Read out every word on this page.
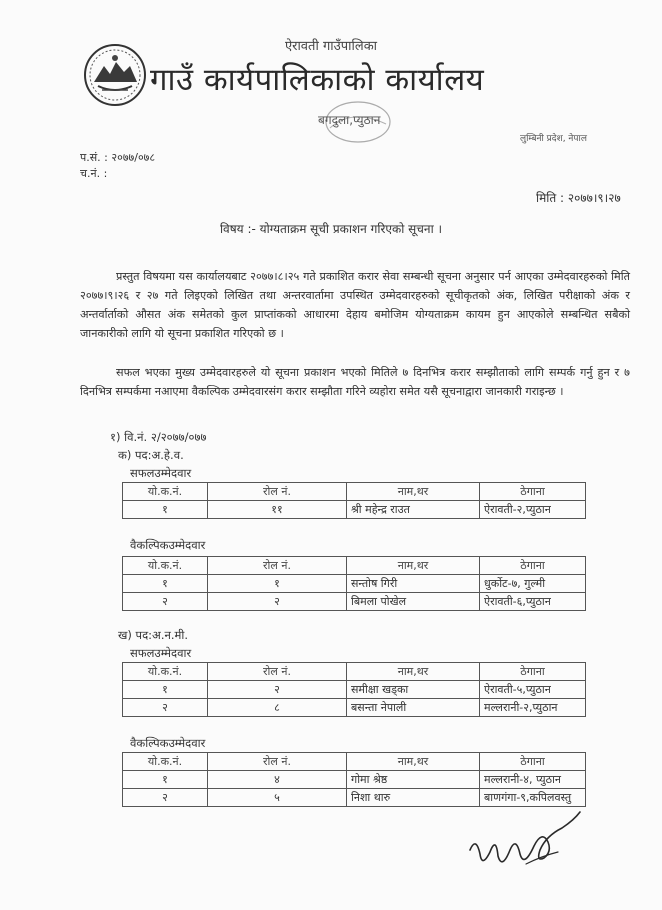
ऐरावती गाउँपालिका
गाउँ कार्यपालिकाको कार्यालय
बगदुला,प्युठान
लुम्बिनी प्रदेश, नेपाल
प.सं. : २०७७/०७८
च.नं. :
मिति : २०७७।९।२७
विषय :- योग्यताक्रम सूची प्रकाशन गरिएको सूचना ।
प्रस्तुत विषयमा यस कार्यालयबाट २०७७।८।२५ गते प्रकाशित करार सेवा सम्बन्धी सूचना अनुसार पर्न आएका उम्मेदवारहरुको मिति २०७७।९।२६ र २७ गते लिइएको लिखित तथा अन्तरवार्तामा उपस्थित उम्मेदवारहरुको सूचीकृतको अंक, लिखित परीक्षाको अंक र अन्तर्वार्ताको औसत अंक समेतको कुल प्राप्तांकको आधारमा देहाय बमोजिम योग्यताक्रम कायम हुन आएकोले सम्बन्धित सबैको जानकारीको लागि यो सूचना प्रकाशित गरिएको छ ।
सफल भएका मुख्य उम्मेदवारहरुले यो सूचना प्रकाशन भएको मितिले ७ दिनभित्र करार सम्झौताको लागि सम्पर्क गर्नु हुन र ७ दिनभित्र सम्पर्कमा नआएमा वैकल्पिक उम्मेदवारसंग करार सम्झौता गरिने व्यहोरा समेत यसै सूचनाद्वारा जानकारी गराइन्छ ।
१) वि.नं. २/२०७७/०७७
क) पद:अ.हे.व.
सफलउम्मेदवार
यो.क.नं.	रोल नं.	नाम,थर	ठेगाना
१	११	श्री महेन्द्र राउत	ऐरावती-२,प्युठान
वैकल्पिकउम्मेदवार
यो.क.नं.	रोल नं.	नाम,थर	ठेगाना
१	१	सन्तोष गिरी	धुर्कोट-७, गुल्मी
२	२	बिमला पोखेल	ऐरावती-६,प्युठान
ख) पद:अ.न.मी.
सफलउम्मेदवार
यो.क.नं.	रोल नं.	नाम,थर	ठेगाना
१	२	समीक्षा खड्का	ऐरावती-५,प्युठान
२	८	बसन्ता नेपाली	मल्लरानी-२,प्युठान
वैकल्पिकउम्मेदवार
यो.क.नं.	रोल नं.	नाम,थर	ठेगाना
१	४	गोमा श्रेष्ठ	मल्लरानी-४, प्युठान
२	५	निशा थारु	बाणगंगा-९,कपिलवस्तु
